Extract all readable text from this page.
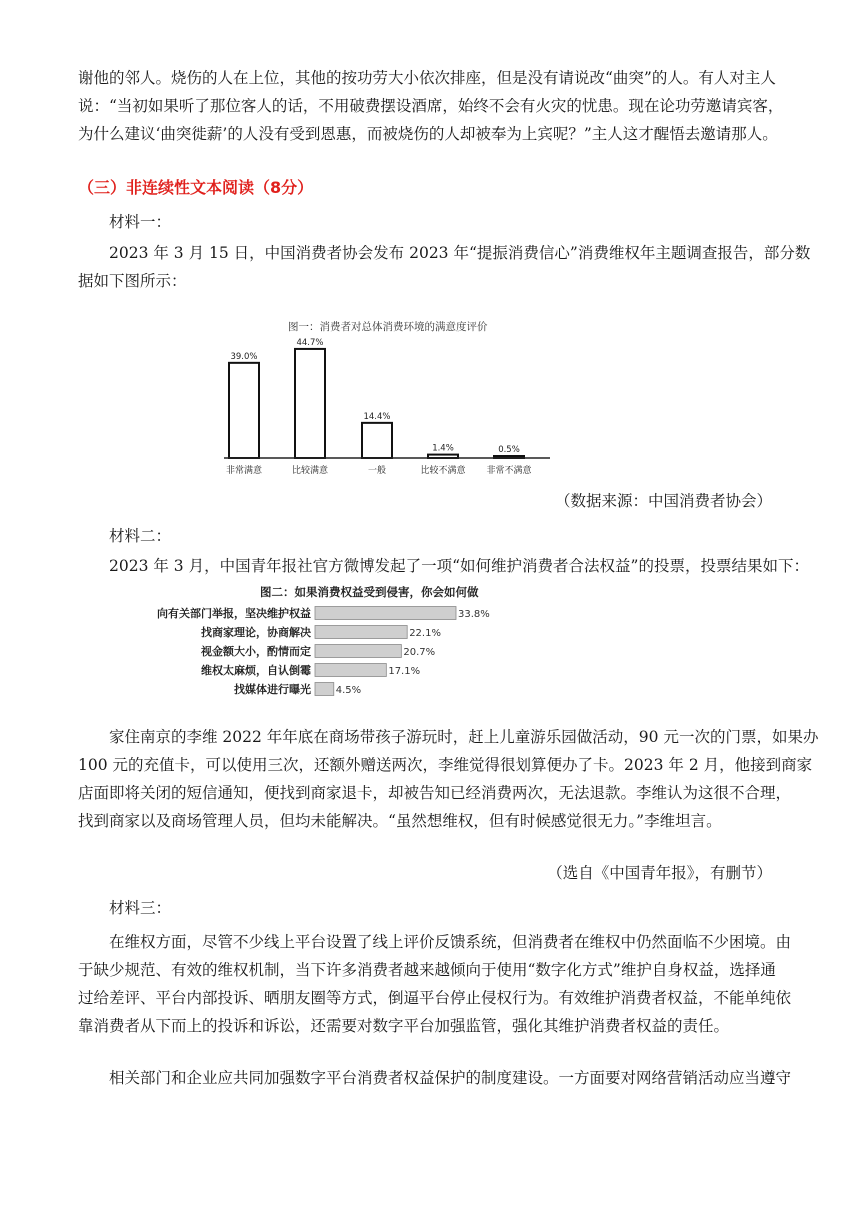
谢他的邻人。烧伤的人在上位，其他的按功劳大小依次排座，但是没有请说改“曲突”的人。有人对主人
说：“当初如果听了那位客人的话，不用破费摆设酒席，始终不会有火灾的忧患。现在论功劳邀请宾客，
为什么建议‘曲突徙薪’的人没有受到恩惠，而被烧伤的人却被奉为上宾呢？”主人这才醒悟去邀请那人。
（三）非连续性文本阅读（8分）
材料一：
2023 年 3 月 15 日，中国消费者协会发布 2023 年“提振消费信心”消费维权年主题调查报告，部分数
据如下图所示：
图一：消费者对总体消费环境的满意度评价
39.0%
非常满意
44.7%
比较满意
14.4%
一般
1.4%
比较不满意
0.5%
非常不满意
（数据来源：中国消费者协会）
材料二：
2023 年 3 月，中国青年报社官方微博发起了一项“如何维护消费者合法权益”的投票，投票结果如下：
图二：如果消费权益受到侵害，你会如何做
向有关部门举报，坚决维护权益	33.8%
找商家理论，协商解决	22.1%
视金额大小，酌情而定	20.7%
维权太麻烦，自认倒霉	17.1%
找媒体进行曝光 4.5%
家住南京的李维 2022 年年底在商场带孩子游玩时，赶上儿童游乐园做活动，90 元一次的门票，如果办
100 元的充值卡，可以使用三次，还额外赠送两次，李维觉得很划算便办了卡。2023 年 2 月，他接到商家
店面即将关闭的短信通知，便找到商家退卡，却被告知已经消费两次，无法退款。李维认为这很不合理，
找到商家以及商场管理人员，但均未能解决。“虽然想维权，但有时候感觉很无力。”李维坦言。
（选自《中国青年报》，有删节）
材料三：
在维权方面，尽管不少线上平台设置了线上评价反馈系统，但消费者在维权中仍然面临不少困境。由
于缺少规范、有效的维权机制，当下许多消费者越来越倾向于使用“数字化方式”维护自身权益，选择通
过给差评、平台内部投诉、晒朋友圈等方式，倒逼平台停止侵权行为。有效维护消费者权益，不能单纯依
靠消费者从下而上的投诉和诉讼，还需要对数字平台加强监管，强化其维护消费者权益的责任。
相关部门和企业应共同加强数字平台消费者权益保护的制度建设。一方面要对网络营销活动应当遵守
